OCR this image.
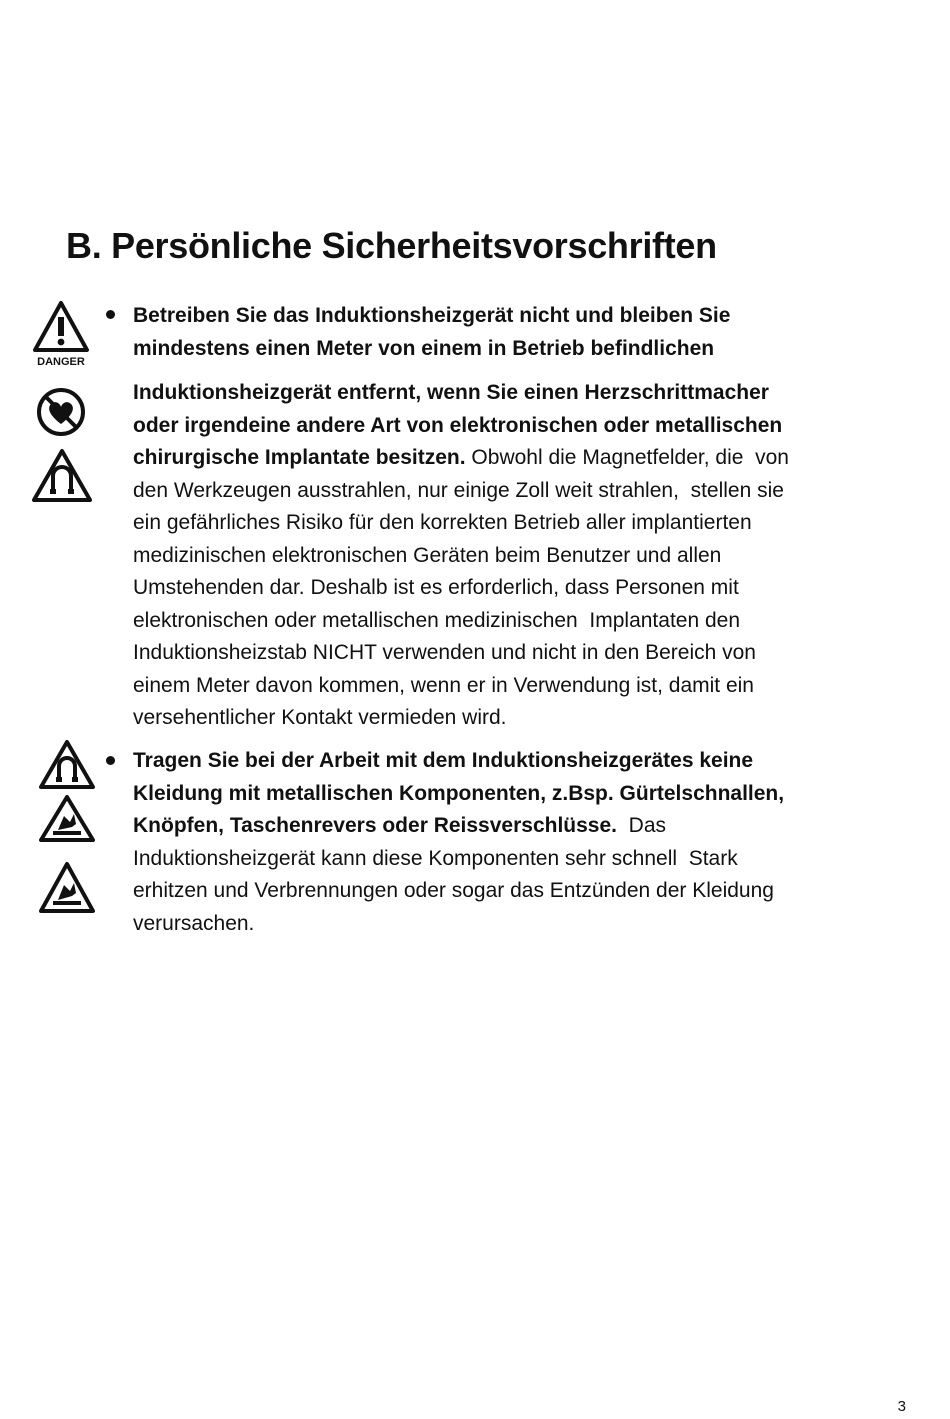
B. Persönliche Sicherheitsvorschriften
DANGER
Betreiben Sie das Induktionsheizgerät nicht und bleiben Sie
mindestens einen Meter von einem in Betrieb befindlichen
Induktionsheizgerät entfernt, wenn Sie einen Herzschrittmacher
oder irgendeine andere Art von elektronischen oder metallischen
chirurgische Implantate besitzen. Obwohl die Magnetfelder, die  von
den Werkzeugen ausstrahlen, nur einige Zoll weit strahlen,  stellen sie
ein gefährliches Risiko für den korrekten Betrieb aller implantierten
medizinischen elektronischen Geräten beim Benutzer und allen
Umstehenden dar. Deshalb ist es erforderlich, dass Personen mit
elektronischen oder metallischen medizinischen  Implantaten den
Induktionsheizstab NICHT verwenden und nicht in den Bereich von
einem Meter davon kommen, wenn er in Verwendung ist, damit ein
versehentlicher Kontakt vermieden wird.
Tragen Sie bei der Arbeit mit dem Induktionsheizgerätes keine
Kleidung mit metallischen Komponenten, z.Bsp. Gürtelschnallen,
Knöpfen, Taschenrevers oder Reissverschlüsse.  Das
Induktionsheizgerät kann diese Komponenten sehr schnell  Stark
erhitzen und Verbrennungen oder sogar das Entzünden der Kleidung
verursachen.
3
